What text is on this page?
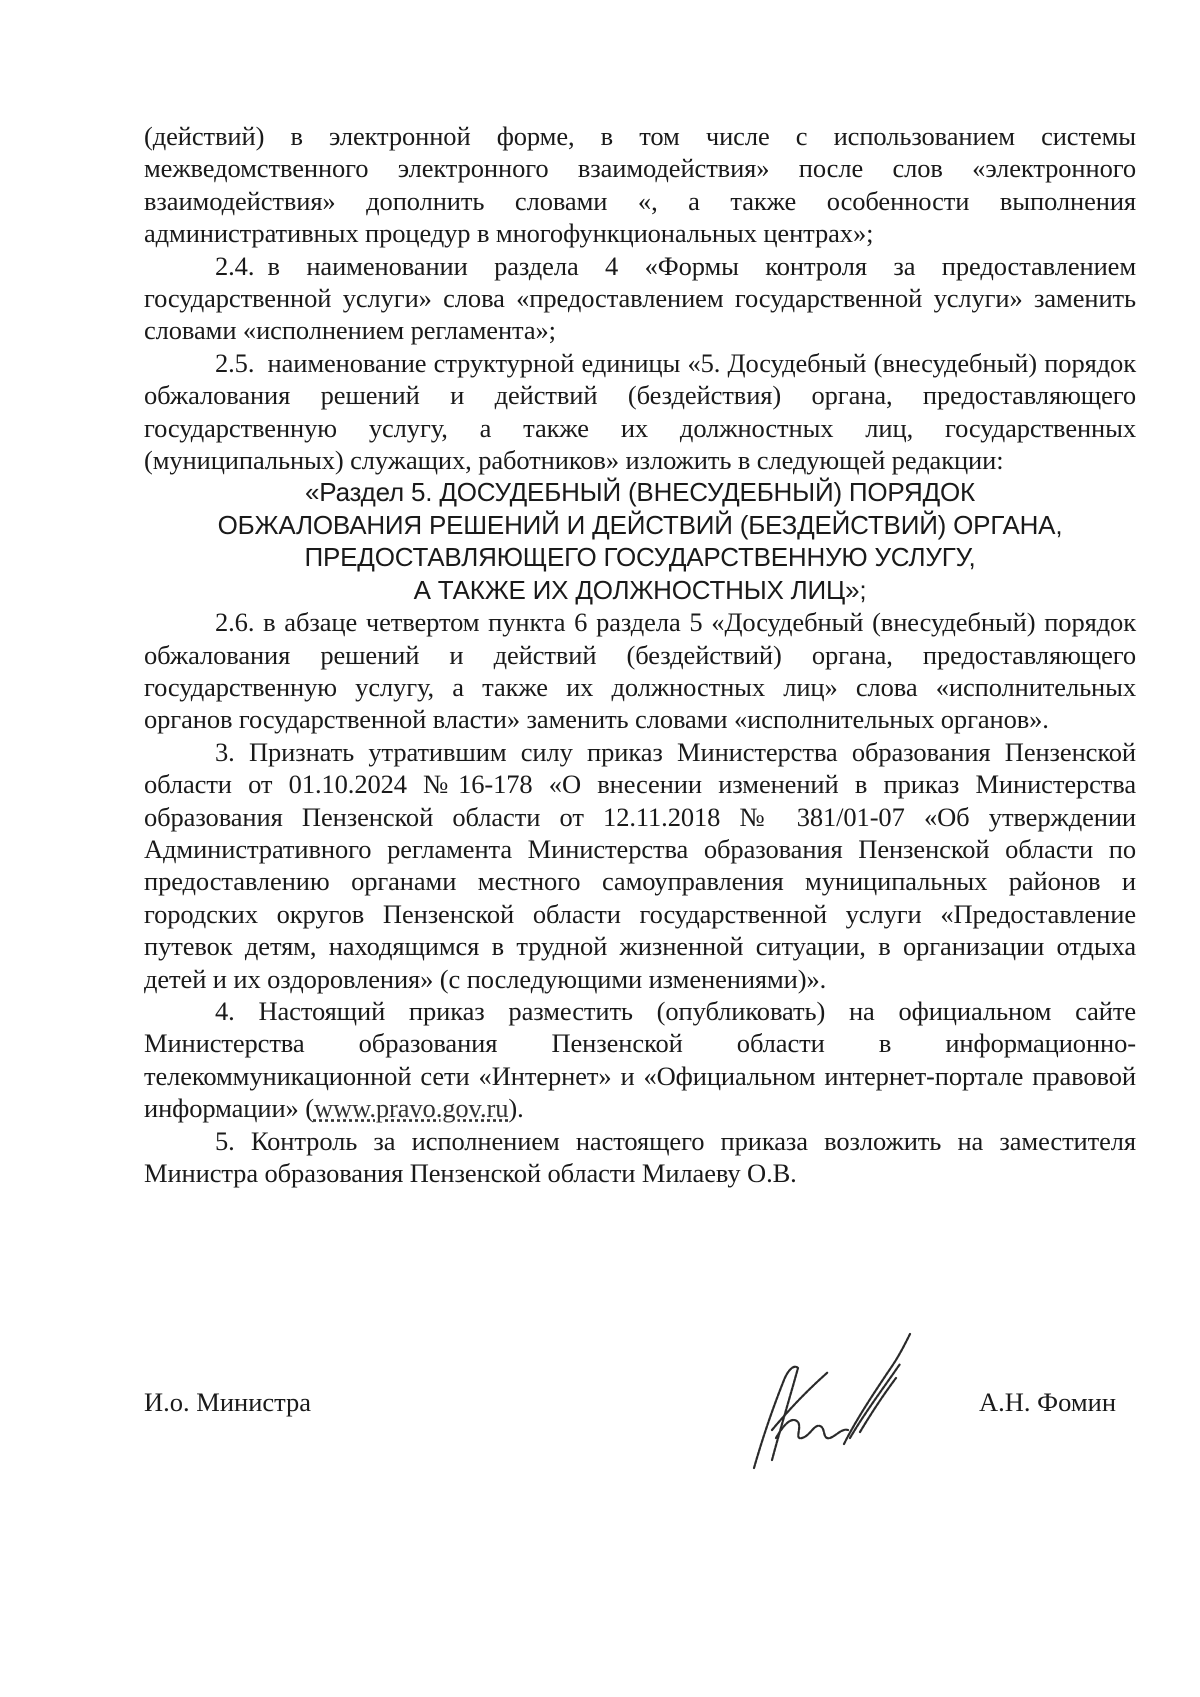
(действий) в электронной форме, в том числе с использованием системы межведомственного электронного взаимодействия» после слов «электронного взаимодействия» дополнить словами «, а также особенности выполнения административных процедур в многофункциональных центрах»;

2.4. в наименовании раздела 4 «Формы контроля за предоставлением государственной услуги» слова «предоставлением государственной услуги» заменить словами «исполнением регламента»;

2.5. наименование структурной единицы «5. Досудебный (внесудебный) порядок обжалования решений и действий (бездействия) органа, предоставляющего государственную услугу, а также их должностных лиц, государственных (муниципальных) служащих, работников» изложить в следующей редакции:

«Раздел 5. ДОСУДЕБНЫЙ (ВНЕСУДЕБНЫЙ) ПОРЯДОК

ОБЖАЛОВАНИЯ РЕШЕНИЙ И ДЕЙСТВИЙ (БЕЗДЕЙСТВИЙ) ОРГАНА,

ПРЕДОСТАВЛЯЮЩЕГО ГОСУДАРСТВЕННУЮ УСЛУГУ,

А ТАКЖЕ ИХ ДОЛЖНОСТНЫХ ЛИЦ»;

2.6. в абзаце четвертом пункта 6 раздела 5 «Досудебный (внесудебный) порядок обжалования решений и действий (бездействий) органа, предоставляющего государственную услугу, а также их должностных лиц» слова «исполнительных органов государственной власти» заменить словами «исполнительных органов».

3. Признать утратившим силу приказ Министерства образования Пензенской области от 01.10.2024 №16-178 «О внесении изменений в приказ Министерства образования Пензенской области от 12.11.2018 № 381/01-07 «Об утверждении Административного регламента Министерства образования Пензенской области по предоставлению органами местного самоуправления муниципальных районов и городских округов Пензенской области государственной услуги «Предоставление путевок детям, находящимся в трудной жизненной ситуации, в организации отдыха детей и их оздоровления» (с последующими изменениями)».

4. Настоящий приказ разместить (опубликовать) на официальном сайте Министерства образования Пензенской области в информационно-телекоммуникационной сети «Интернет» и «Официальном интернет-портале правовой информации» (www.pravo.gov.ru).

5. Контроль за исполнением настоящего приказа возложить на заместителя Министра образования Пензенской области Милаеву О.В.

И.о. Министра	А.Н. Фомин
